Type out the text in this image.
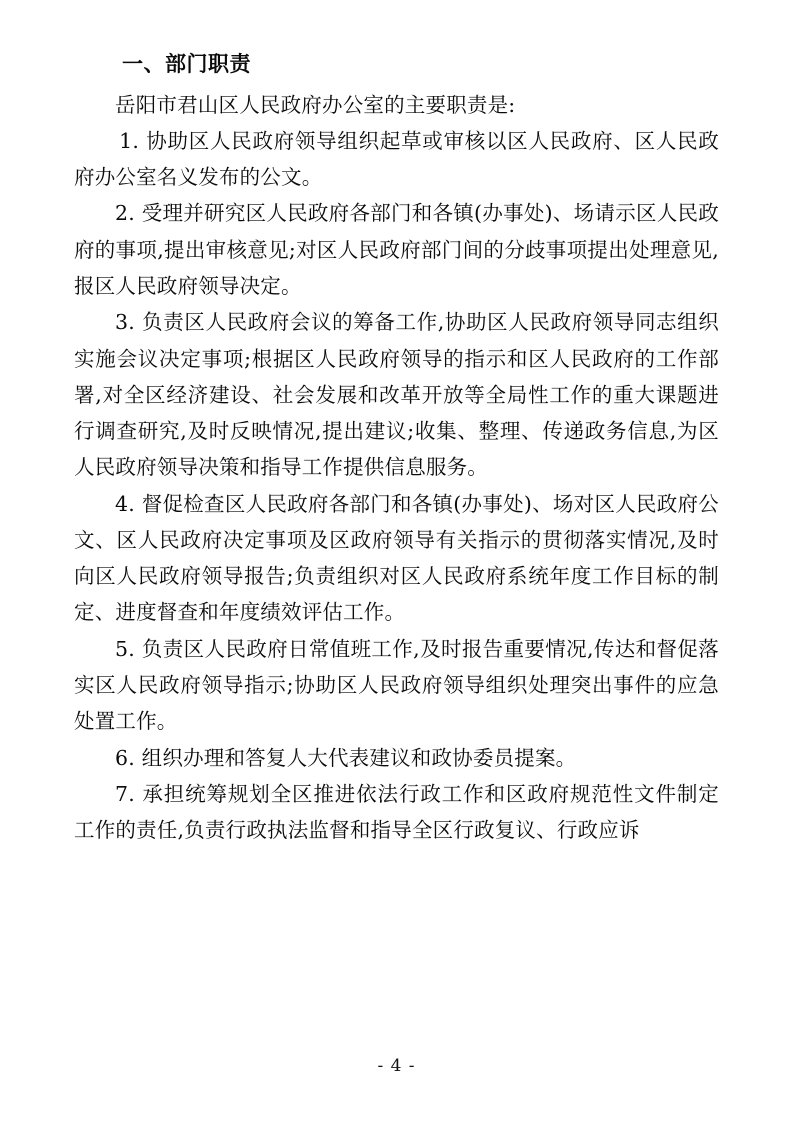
一、部门职责

岳阳市君山区人民政府办公室的主要职责是:

1. 协助区人民政府领导组织起草或审核以区人民政府、区人民政府办公室名义发布的公文。

2. 受理并研究区人民政府各部门和各镇(办事处)、场请示区人民政府的事项,提出审核意见;对区人民政府部门间的分歧事项提出处理意见,报区人民政府领导决定。

3. 负责区人民政府会议的筹备工作,协助区人民政府领导同志组织实施会议决定事项;根据区人民政府领导的指示和区人民政府的工作部署,对全区经济建设、社会发展和改革开放等全局性工作的重大课题进行调查研究,及时反映情况,提出建议;收集、整理、传递政务信息,为区人民政府领导决策和指导工作提供信息服务。

4. 督促检查区人民政府各部门和各镇(办事处)、场对区人民政府公文、区人民政府决定事项及区政府领导有关指示的贯彻落实情况,及时向区人民政府领导报告;负责组织对区人民政府系统年度工作目标的制定、进度督查和年度绩效评估工作。

5. 负责区人民政府日常值班工作,及时报告重要情况,传达和督促落实区人民政府领导指示;协助区人民政府领导组织处理突出事件的应急处置工作。

6. 组织办理和答复人大代表建议和政协委员提案。

7. 承担统筹规划全区推进依法行政工作和区政府规范性文件制定工作的责任,负责行政执法监督和指导全区行政复议、行政应诉

- 4 -
